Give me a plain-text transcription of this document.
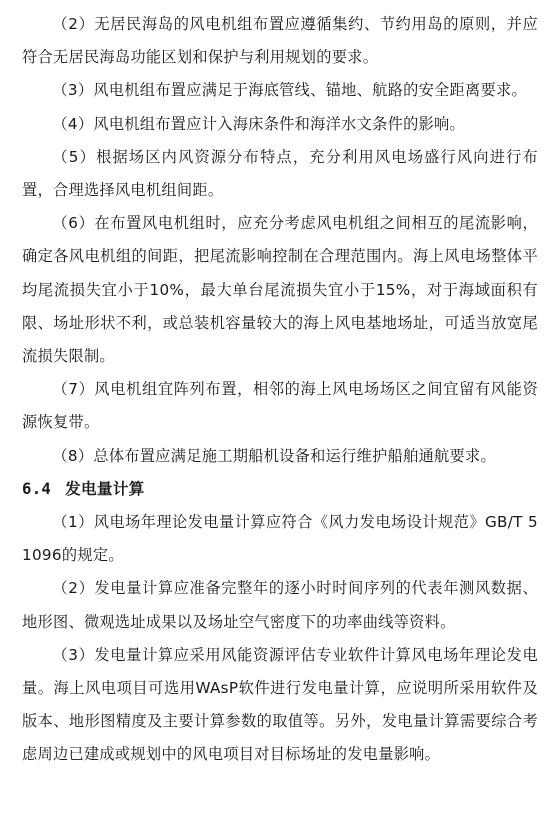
（2）无居民海岛的风电机组布置应遵循集约、节约用岛的原则，并应符合无居民海岛功能区划和保护与利用规划的要求。

（3）风电机组布置应满足于海底管线、锚地、航路的安全距离要求。

（4）风电机组布置应计入海床条件和海洋水文条件的影响。

（5）根据场区内风资源分布特点，充分利用风电场盛行风向进行布置，合理选择风电机组间距。

（6）在布置风电机组时，应充分考虑风电机组之间相互的尾流影响，确定各风电机组的间距，把尾流影响控制在合理范围内。海上风电场整体平均尾流损失宜小于10%，最大单台尾流损失宜小于15%，对于海域面积有限、场址形状不利，或总装机容量较大的海上风电基地场址，可适当放宽尾流损失限制。

（7）风电机组宜阵列布置，相邻的海上风电场场区之间宜留有风能资源恢复带。

（8）总体布置应满足施工期船机设备和运行维护船舶通航要求。

6.4 发电量计算

（1）风电场年理论发电量计算应符合《风力发电场设计规范》GB/T 51096的规定。

（2）发电量计算应准备完整年的逐小时时间序列的代表年测风数据、地形图、微观选址成果以及场址空气密度下的功率曲线等资料。

（3）发电量计算应采用风能资源评估专业软件计算风电场年理论发电量。海上风电项目可选用WAsP软件进行发电量计算，应说明所采用软件及版本、地形图精度及主要计算参数的取值等。另外，发电量计算需要综合考虑周边已建成或规划中的风电项目对目标场址的发电量影响。
